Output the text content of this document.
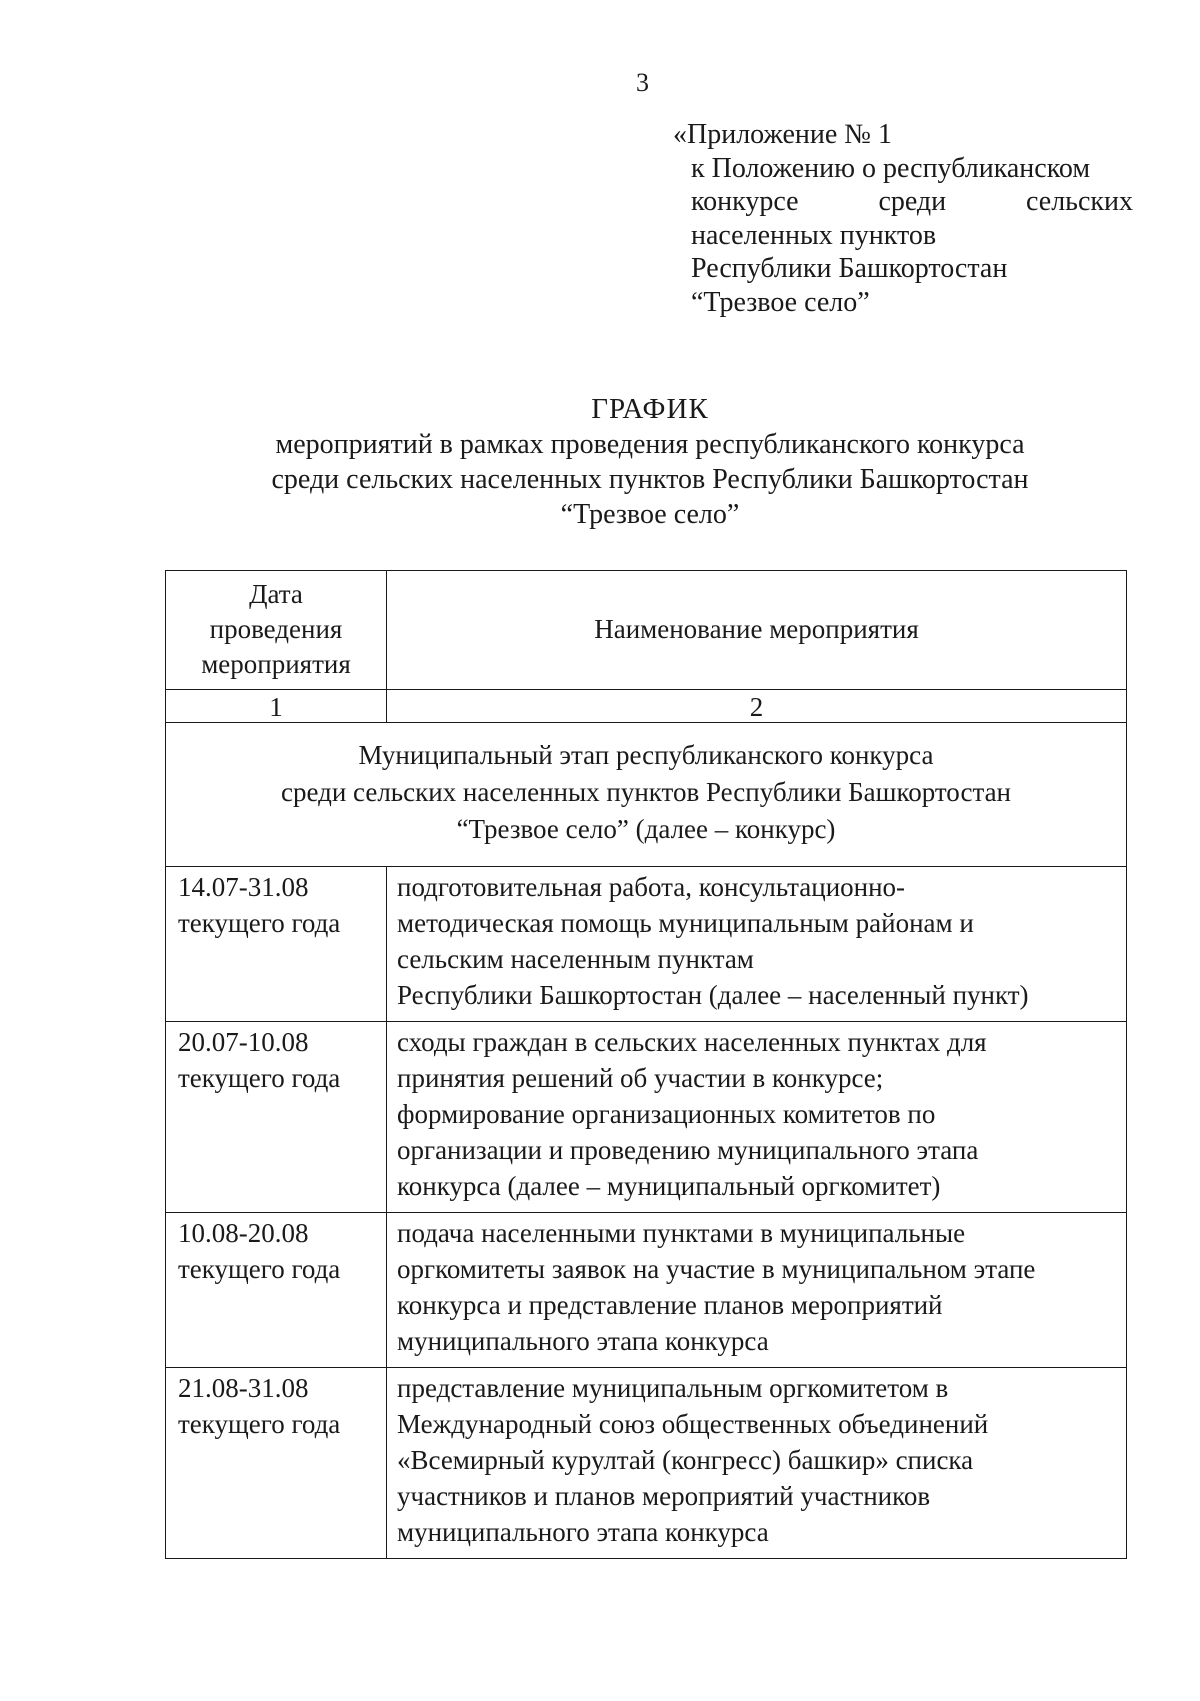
3
«Приложение № 1
к Положению о республиканском
конкурсе	среди	сельских
населенных пунктов
Республики Башкортостан
“Трезвое село”
ГРАФИК
мероприятий в рамках проведения республиканского конкурса
среди сельских населенных пунктов Республики Башкортостан
“Трезвое село”
Дата
проведения
мероприятия	Наименование мероприятия
1	2

Муниципальный этап республиканского конкурса
среди сельских населенных пунктов Республики Башкортостан
“Трезвое село” (далее – конкурс)	

14.07-31.08
текущего года	подготовительная работа, консультационно-
методическая помощь муниципальным районам и
сельским населенным пунктам
Республики Башкортостан (далее – населенный пункт)

20.07-10.08
текущего года	сходы граждан в сельских населенных пунктах для
принятия решений об участии в конкурсе;
формирование организационных комитетов по
организации и проведению муниципального этапа
конкурса (далее – муниципальный оргкомитет)

10.08-20.08
текущего года	подача населенными пунктами в муниципальные
оргкомитеты заявок на участие в муниципальном этапе
конкурса и представление планов мероприятий
муниципального этапа конкурса

21.08-31.08
текущего года	представление муниципальным оргкомитетом в
Международный союз общественных объединений
«Всемирный курултай (конгресс) башкир» списка
участников и планов мероприятий участников
муниципального этапа конкурса
